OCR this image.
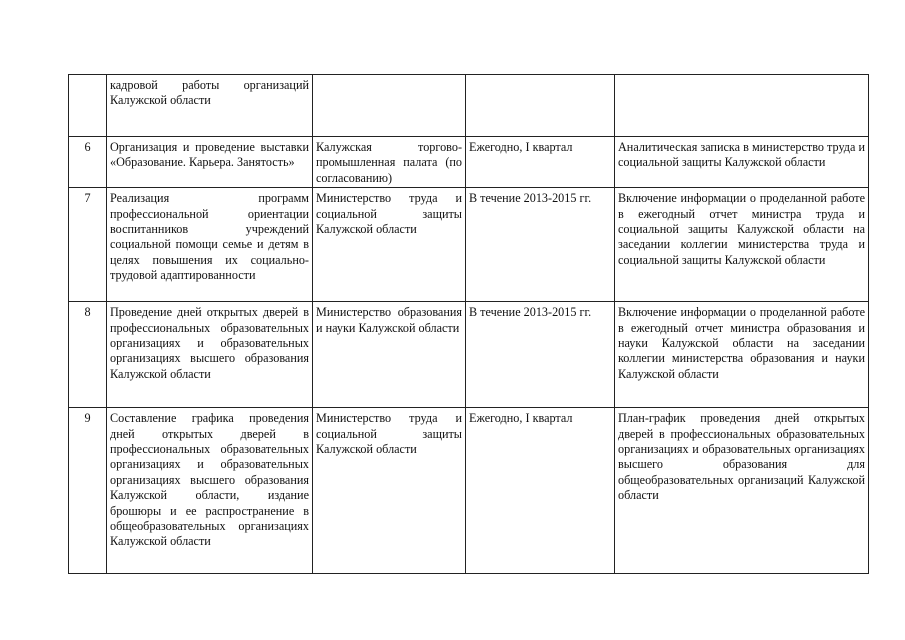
	кадровой работы организаций Калужской области			
6	Организация и проведение выставки «Образование. Карьера. Занятость»	Калужская торгово-промышленная палата (по согласованию)	Ежегодно, I квартал	Аналитическая записка в министерство труда и социальной защиты Калужской области
7	Реализация программ профессиональной ориентации воспитанников учреждений социальной помощи семье и детям в целях повышения их социально-трудовой адаптированности	Министерство труда и социальной защиты Калужской области	В течение 2013-2015 гг.	Включение информации о проделанной работе в ежегодный отчет министра труда и социальной защиты Калужской области на заседании коллегии министерства труда и социальной защиты Калужской области
8	Проведение дней открытых дверей в профессиональных образовательных организациях и образовательных организациях высшего образования Калужской области	Министерство образования и науки Калужской области	В течение 2013-2015 гг.	Включение информации о проделанной работе в ежегодный отчет министра образования и науки Калужской области на заседании коллегии министерства образования и науки Калужской области
9	Составление графика проведения дней открытых дверей в профессиональных образовательных организациях и образовательных организациях высшего образования Калужской области, издание брошюры и ее распространение в общеобразовательных организациях Калужской области	Министерство труда и социальной защиты Калужской области	Ежегодно, I квартал	План-график проведения дней открытых дверей в профессиональных образовательных организациях и образовательных организациях высшего образования для общеобразовательных организаций Калужской области
